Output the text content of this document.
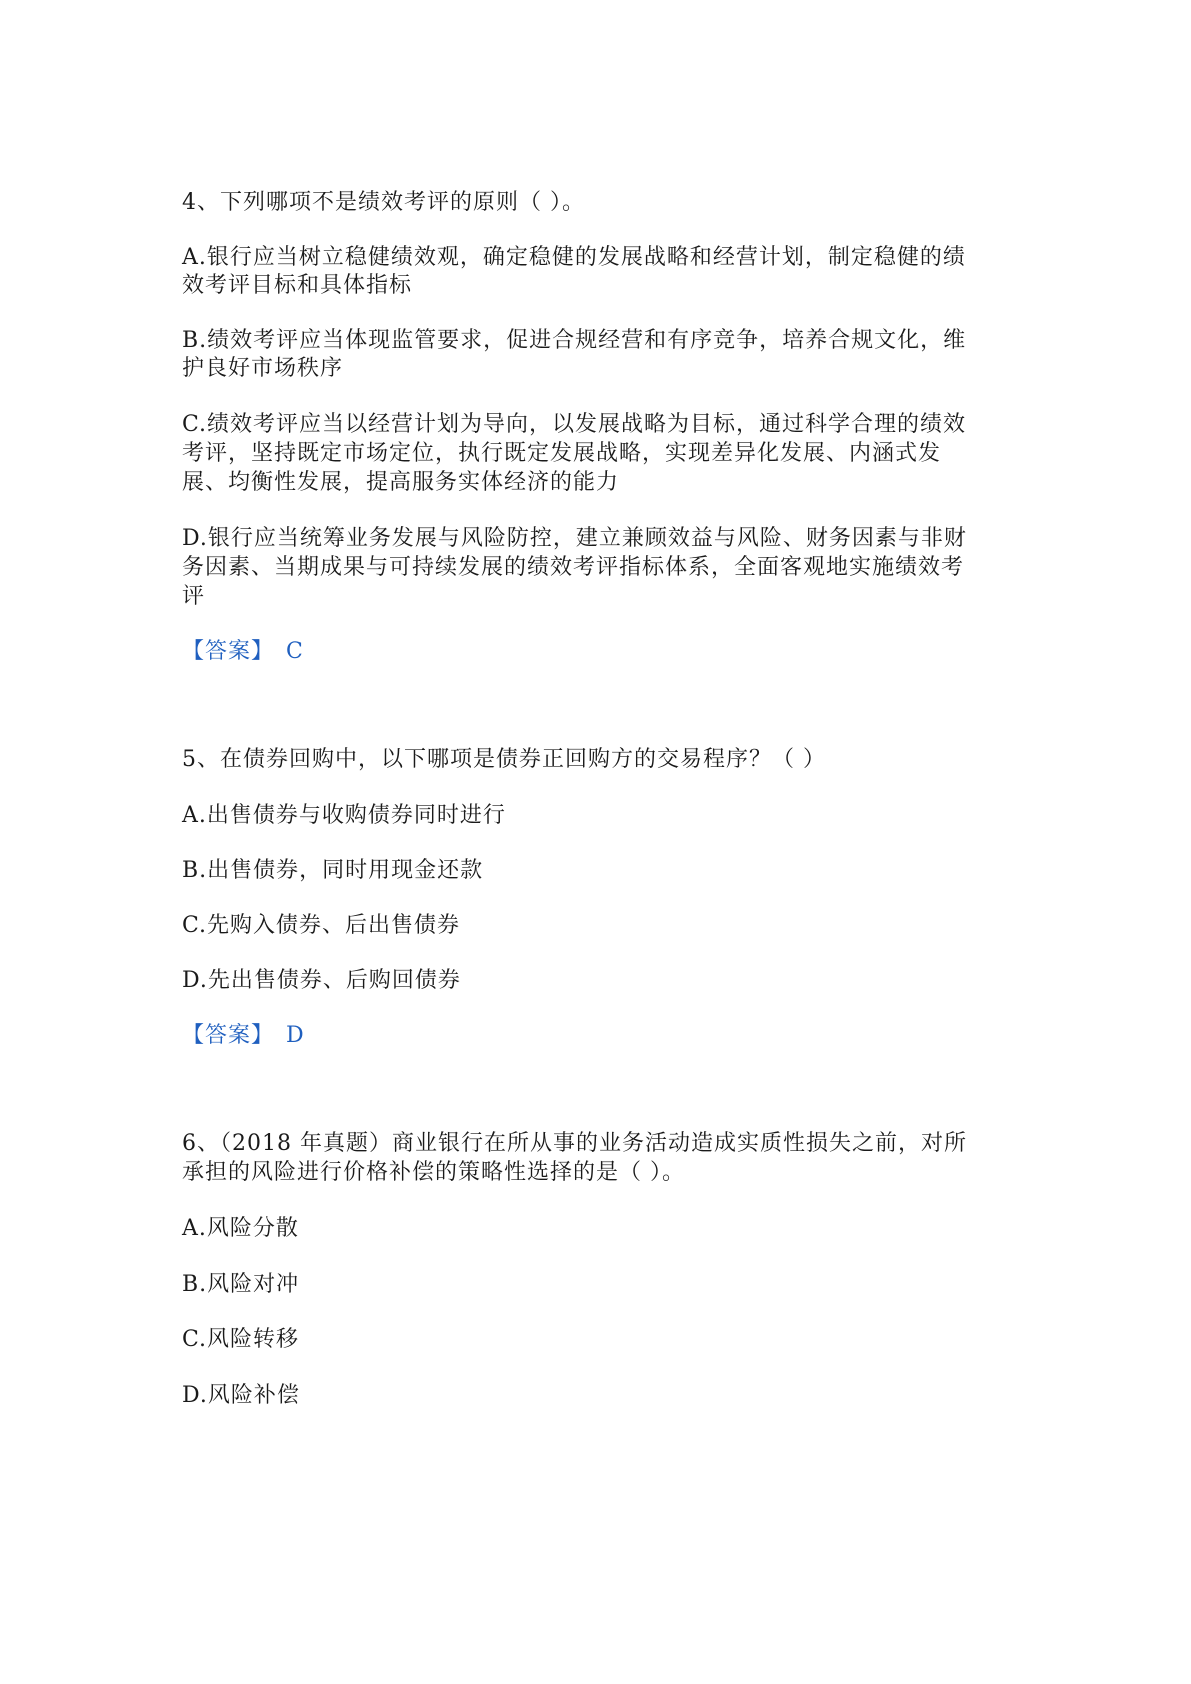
4、下列哪项不是绩效考评的原则（ ）。
A.银行应当树立稳健绩效观，确定稳健的发展战略和经营计划，制定稳健的绩
效考评目标和具体指标
B.绩效考评应当体现监管要求，促进合规经营和有序竞争，培养合规文化，维
护良好市场秩序
C.绩效考评应当以经营计划为导向，以发展战略为目标，通过科学合理的绩效
考评，坚持既定市场定位，执行既定发展战略，实现差异化发展、内涵式发
展、均衡性发展，提高服务实体经济的能力
D.银行应当统筹业务发展与风险防控，建立兼顾效益与风险、财务因素与非财
务因素、当期成果与可持续发展的绩效考评指标体系，全面客观地实施绩效考
评
【答案】 C
5、在债券回购中，以下哪项是债券正回购方的交易程序？（ ）
A.出售债券与收购债券同时进行
B.出售债券，同时用现金还款
C.先购入债券、后出售债券
D.先出售债券、后购回债券
【答案】 D
6、（2018 年真题）商业银行在所从事的业务活动造成实质性损失之前，对所
承担的风险进行价格补偿的策略性选择的是（ ）。
A.风险分散
B.风险对冲
C.风险转移
D.风险补偿
